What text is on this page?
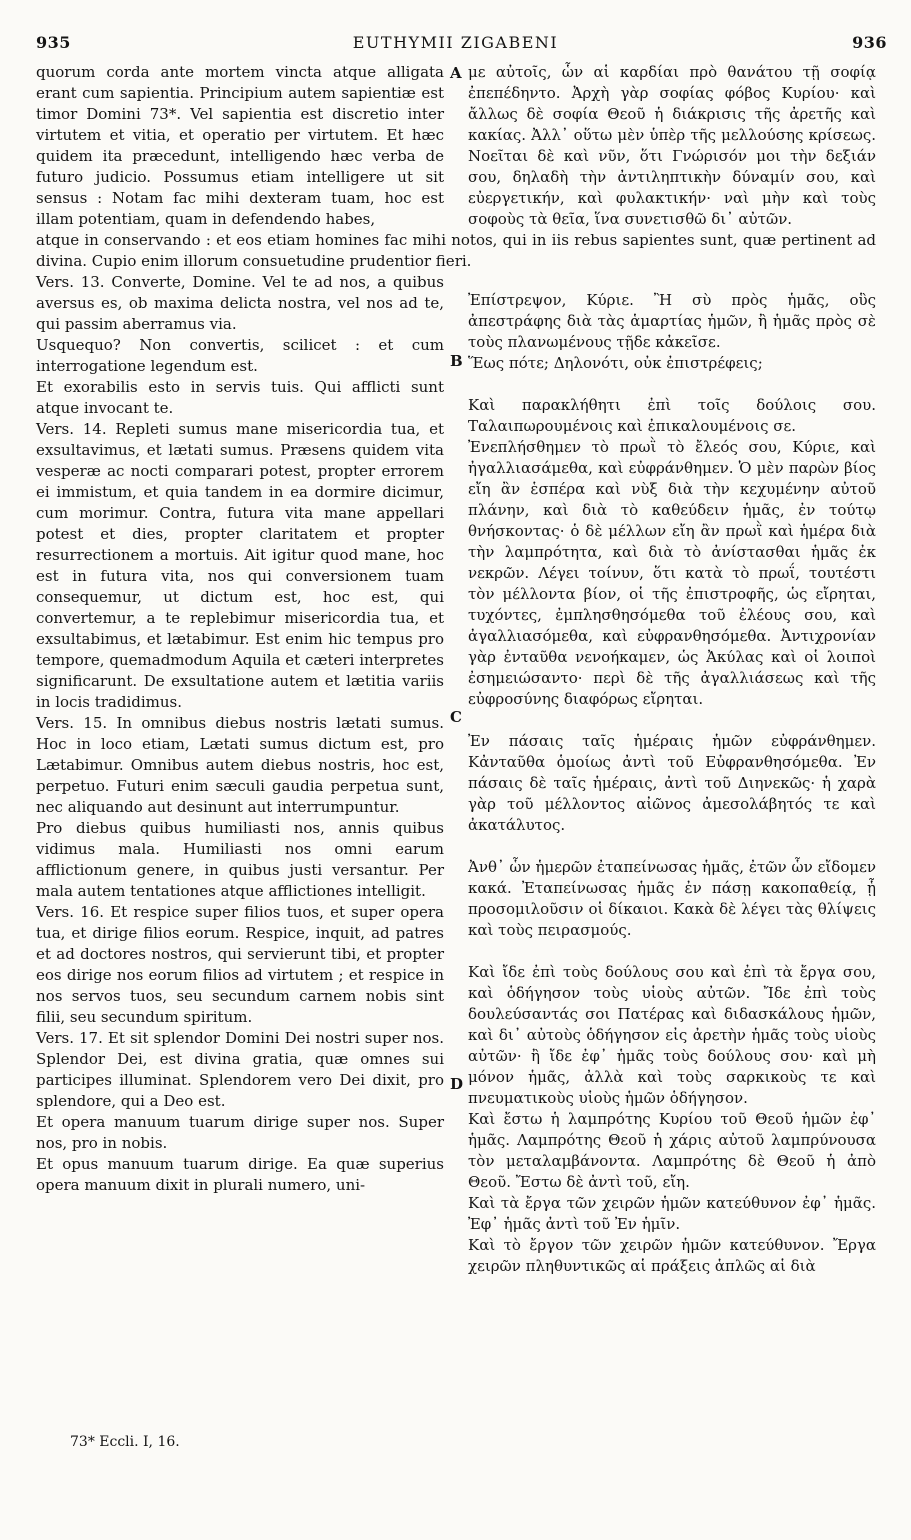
935	EUTHYMII ZIGABENI	936
A
B
C
D

quorum corda ante mortem vincta atque alligata erant cum sapientia. Principium autem sapientiæ est timor Domini 73*. Vel sapientia est discretio inter virtutem et vitia, et operatio per virtutem. Et hæc quidem ita præcedunt, intelligendo hæc verba de futuro judicio. Possumus etiam intelligere ut sit sensus : Notam fac mihi dexteram tuam, hoc est illam potentiam, quam in defendendo habes,

atque in conservando : et eos etiam homines fac mihi notos, qui in iis rebus sapientes sunt, quæ pertinent ad divina. Cupio enim illorum consuetudine prudentior fieri.

Vers. 13. Converte, Domine. Vel te ad nos, a quibus aversus es, ob maxima delicta nostra, vel nos ad te, qui passim aberramus via.

Usquequo? Non convertis, scilicet : et cum interrogatione legendum est.

Et exorabilis esto in servis tuis. Qui afflicti sunt atque invocant te.

Vers. 14. Repleti sumus mane misericordia tua, et exsultavimus, et lætati sumus. Præsens quidem vita vesperæ ac nocti comparari potest, propter errorem ei immistum, et quia tandem in ea dormire dicimur, cum morimur. Contra, futura vita mane appellari potest et dies, propter claritatem et propter resurrectionem a mortuis. Ait igitur quod mane, hoc est in futura vita, nos qui conversionem tuam consequemur, ut dictum est, hoc est, qui convertemur, a te replebimur misericordia tua, et exsultabimus, et lætabimur. Est enim hic tempus pro tempore, quemadmodum Aquila et cæteri interpretes significarunt. De exsultatione autem et lætitia variis in locis tradidimus.

Vers. 15. In omnibus diebus nostris lætati sumus. Hoc in loco etiam, Lætati sumus dictum est, pro Lætabimur. Omnibus autem diebus nostris, hoc est, perpetuo. Futuri enim sæculi gaudia perpetua sunt, nec aliquando aut desinunt aut interrumpuntur.

Pro diebus quibus humiliasti nos, annis quibus vidimus mala. Humiliasti nos omni earum afflictionum genere, in quibus justi versantur. Per mala autem tentationes atque afflictiones intelligit.

Vers. 16. Et respice super filios tuos, et super opera tua, et dirige filios eorum. Respice, inquit, ad patres et ad doctores nostros, qui servierunt tibi, et propter eos dirige nos eorum filios ad virtutem ; et respice in nos servos tuos, seu secundum carnem nobis sint filii, seu secundum spiritum.

Vers. 17. Et sit splendor Domini Dei nostri super nos. Splendor Dei, est divina gratia, quæ omnes sui participes illuminat. Splendorem vero Dei dixit, pro splendore, qui a Deo est.

Et opera manuum tuarum dirige super nos. Super nos, pro in nobis.

Et opus manuum tuarum dirige. Ea quæ superius opera manuum dixit in plurali numero, uni-

με αὐτοῖς, ὧν αἱ καρδίαι πρὸ θανάτου τῇ σοφίᾳ ἐπεπέδηντο. Ἀρχὴ γὰρ σοφίας φόβος Κυρίου· καὶ ἄλλως δὲ σοφία Θεοῦ ἡ διάκρισις τῆς ἀρετῆς καὶ κακίας. Ἀλλ᾽ οὕτω μὲν ὑπὲρ τῆς μελλούσης κρίσεως. Νοεῖται δὲ καὶ νῦν, ὅτι Γνώρισόν μοι τὴν δεξιάν σου, δηλαδὴ τὴν ἀντιληπτικὴν δύναμίν σου, καὶ εὐεργετικήν, καὶ φυλακτικήν· ναὶ μὴν καὶ τοὺς σοφοὺς τὰ θεῖα, ἵνα συνετισθῶ δι᾽ αὐτῶν.

Ἐπίστρεψον, Κύριε. Ἢ σὺ πρὸς ἡμᾶς, οὓς ἀπεστράφης διὰ τὰς ἁμαρτίας ἡμῶν, ἢ ἡμᾶς πρὸς σὲ τοὺς πλανωμένους τῇδε κἀκεῖσε.

Ἕως πότε; Δηλονότι, οὐκ ἐπιστρέφεις;

Καὶ παρακλήθητι ἐπὶ τοῖς δούλοις σου. Ταλαιπωρουμένοις καὶ ἐπικαλουμένοις σε.

Ἐνεπλήσθημεν τὸ πρωῒ τὸ ἔλεός σου, Κύριε, καὶ ἠγαλλιασάμεθα, καὶ εὐφράνθημεν. Ὁ μὲν παρὼν βίος εἴη ἂν ἑσπέρα καὶ νὺξ διὰ τὴν κεχυμένην αὐτοῦ πλάνην, καὶ διὰ τὸ καθεύδειν ἡμᾶς, ἐν τούτῳ θνήσκοντας· ὁ δὲ μέλλων εἴη ἂν πρωῒ καὶ ἡμέρα διὰ τὴν λαμπρότητα, καὶ διὰ τὸ ἀνίστασθαι ἡμᾶς ἐκ νεκρῶν. Λέγει τοίνυν, ὅτι κατὰ τὸ πρωΐ, τουτέστι τὸν μέλλοντα βίον, οἱ τῆς ἐπιστροφῆς, ὡς εἴρηται, τυχόντες, ἐμπλησθησόμεθα τοῦ ἐλέους σου, καὶ ἀγαλλιασόμεθα, καὶ εὐφρανθησόμεθα. Ἀντιχρονίαν γὰρ ἐνταῦθα νενοήκαμεν, ὡς Ἀκύλας καὶ οἱ λοιποὶ ἐσημειώσαντο· περὶ δὲ τῆς ἀγαλλιάσεως καὶ τῆς εὐφροσύνης διαφόρως εἴρηται.

Ἐν πάσαις ταῖς ἡμέραις ἡμῶν εὐφράνθημεν. Κἀνταῦθα ὁμοίως ἀντὶ τοῦ Εὐφρανθησόμεθα. Ἐν πάσαις δὲ ταῖς ἡμέραις, ἀντὶ τοῦ Διηνεκῶς· ἡ χαρὰ γὰρ τοῦ μέλλοντος αἰῶνος ἀμεσολάβητός τε καὶ ἀκατάλυτος.

Ἀνθ᾽ ὧν ἡμερῶν ἐταπείνωσας ἡμᾶς, ἐτῶν ὧν εἴδομεν κακά. Ἐταπείνωσας ἡμᾶς ἐν πάσῃ κακοπαθείᾳ, ᾗ προσομιλοῦσιν οἱ δίκαιοι. Κακὰ δὲ λέγει τὰς θλίψεις καὶ τοὺς πειρασμούς.

Καὶ ἴδε ἐπὶ τοὺς δούλους σου καὶ ἐπὶ τὰ ἔργα σου, καὶ ὁδήγησον τοὺς υἱοὺς αὐτῶν. Ἴδε ἐπὶ τοὺς δουλεύσαντάς σοι Πατέρας καὶ διδασκάλους ἡμῶν, καὶ δι᾽ αὐτοὺς ὁδήγησον εἰς ἀρετὴν ἡμᾶς τοὺς υἱοὺς αὐτῶν· ἢ ἴδε ἐφ᾽ ἡμᾶς τοὺς δούλους σου· καὶ μὴ μόνον ἡμᾶς, ἀλλὰ καὶ τοὺς σαρκικοὺς τε καὶ πνευματικοὺς υἱοὺς ἡμῶν ὁδήγησον.

Καὶ ἔστω ἡ λαμπρότης Κυρίου τοῦ Θεοῦ ἡμῶν ἐφ᾽ ἡμᾶς. Λαμπρότης Θεοῦ ἡ χάρις αὐτοῦ λαμπρύνουσα τὸν μεταλαμβάνοντα. Λαμπρότης δὲ Θεοῦ ἡ ἀπὸ Θεοῦ. Ἔστω δὲ ἀντὶ τοῦ, εἴη.

Καὶ τὰ ἔργα τῶν χειρῶν ἡμῶν κατεύθυνον ἐφ᾽ ἡμᾶς. Ἐφ᾽ ἡμᾶς ἀντὶ τοῦ Ἐν ἡμῖν.

Καὶ τὸ ἔργον τῶν χειρῶν ἡμῶν κατεύθυνον. Ἔργα χειρῶν πληθυντικῶς αἱ πράξεις ἁπλῶς αἱ διὰ

73* Eccli. I, 16.
